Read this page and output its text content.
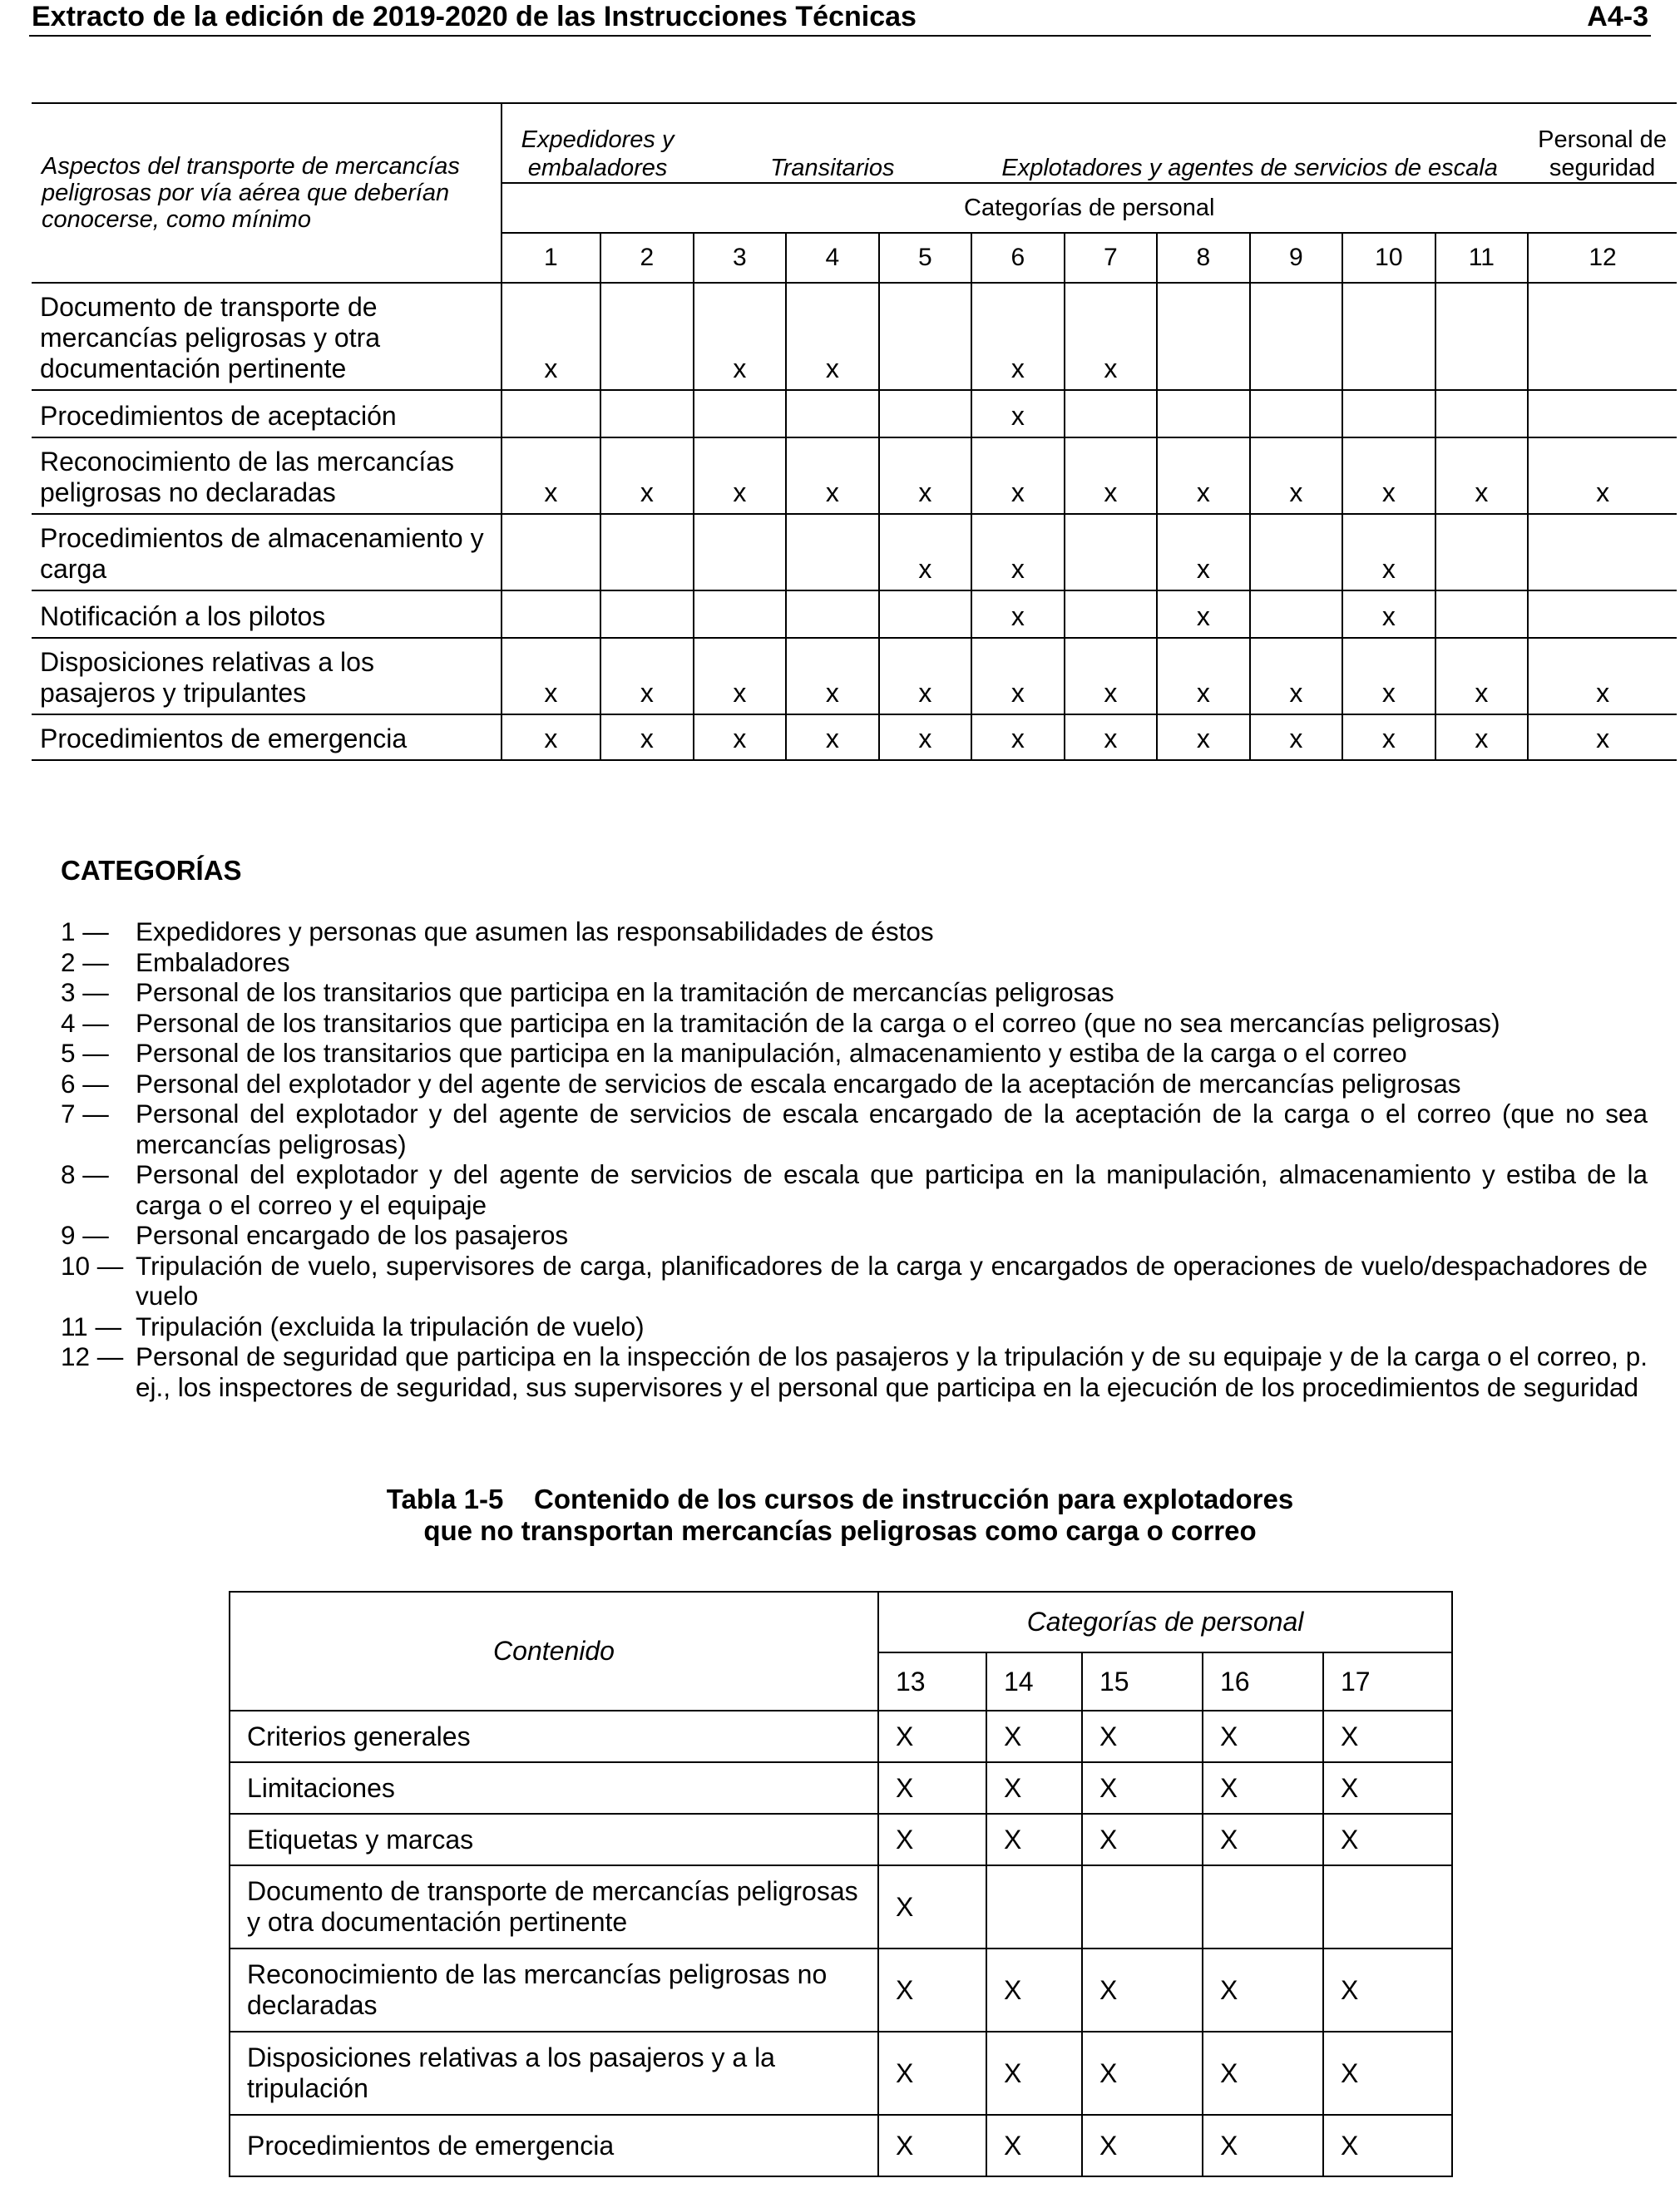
Extracto de la edición de 2019-2020 de las Instrucciones Técnicas	A4-3
Aspectos del transporte de mercancías peligrosas por vía aérea que deberían conocerse, como mínimo	Expedidores y embaladores		Transitarios			Explotadores y agentes de servicios de escala						Personal de seguridad
	Categorías de personal											
	1	2	3	4	5	6	7	8	9	10	11	12
Documento de transporte de mercancías peligrosas y otra documentación pertinente	x		x	x		x	x					
Procedimientos de aceptación						x						
Reconocimiento de las mercancías peligrosas no declaradas	x	x	x	x	x	x	x	x	x	x	x	x
Procedimientos de almacenamiento y carga					x	x		x		x		
Notificación a los pilotos						x		x		x		
Disposiciones relativas a los pasajeros y tripulantes	x	x	x	x	x	x	x	x	x	x	x	x
Procedimientos de emergencia	x	x	x	x	x	x	x	x	x	x	x	x
CATEGORÍAS
1 —	Expedidores y personas que asumen las responsabilidades de éstos
2 —	Embaladores
3 —	Personal de los transitarios que participa en la tramitación de mercancías peligrosas
4 —	Personal de los transitarios que participa en la tramitación de la carga o el correo (que no sea mercancías peligrosas)
5 —	Personal de los transitarios que participa en la manipulación, almacenamiento y estiba de la carga o el correo
6 —	Personal del explotador y del agente de servicios de escala encargado de la aceptación de mercancías peligrosas
7 —	Personal del explotador y del agente de servicios de escala encargado de la aceptación de la carga o el correo (que no sea mercancías peligrosas)
8 —	Personal del explotador y del agente de servicios de escala que participa en la manipulación, almacenamiento y estiba de la carga o el correo y el equipaje
9 —	Personal encargado de los pasajeros
10 — Tripulación de vuelo, supervisores de carga, planificadores de la carga y encargados de operaciones de vuelo/despachadores de vuelo
11 — Tripulación (excluida la tripulación de vuelo)
12 — Personal de seguridad que participa en la inspección de los pasajeros y la tripulación y de su equipaje y de la carga o el correo, p. ej., los inspectores de seguridad, sus supervisores y el personal que participa en la ejecución de los procedimientos de seguridad
Tabla 1-5    Contenido de los cursos de instrucción para explotadores
que no transportan mercancías peligrosas como carga o correo
Contenido	Categorías de personal				
	13	14	15	16	17
Criterios generales	X	X	X	X	X
Limitaciones	X	X	X	X	X
Etiquetas y marcas	X	X	X	X	X
Documento de transporte de mercancías peligrosas y otra documentación pertinente	X				
Reconocimiento de las mercancías peligrosas no declaradas	X	X	X	X	X
Disposiciones relativas a los pasajeros y a la tripulación	X	X	X	X	X
Procedimientos de emergencia	X	X	X	X	X
